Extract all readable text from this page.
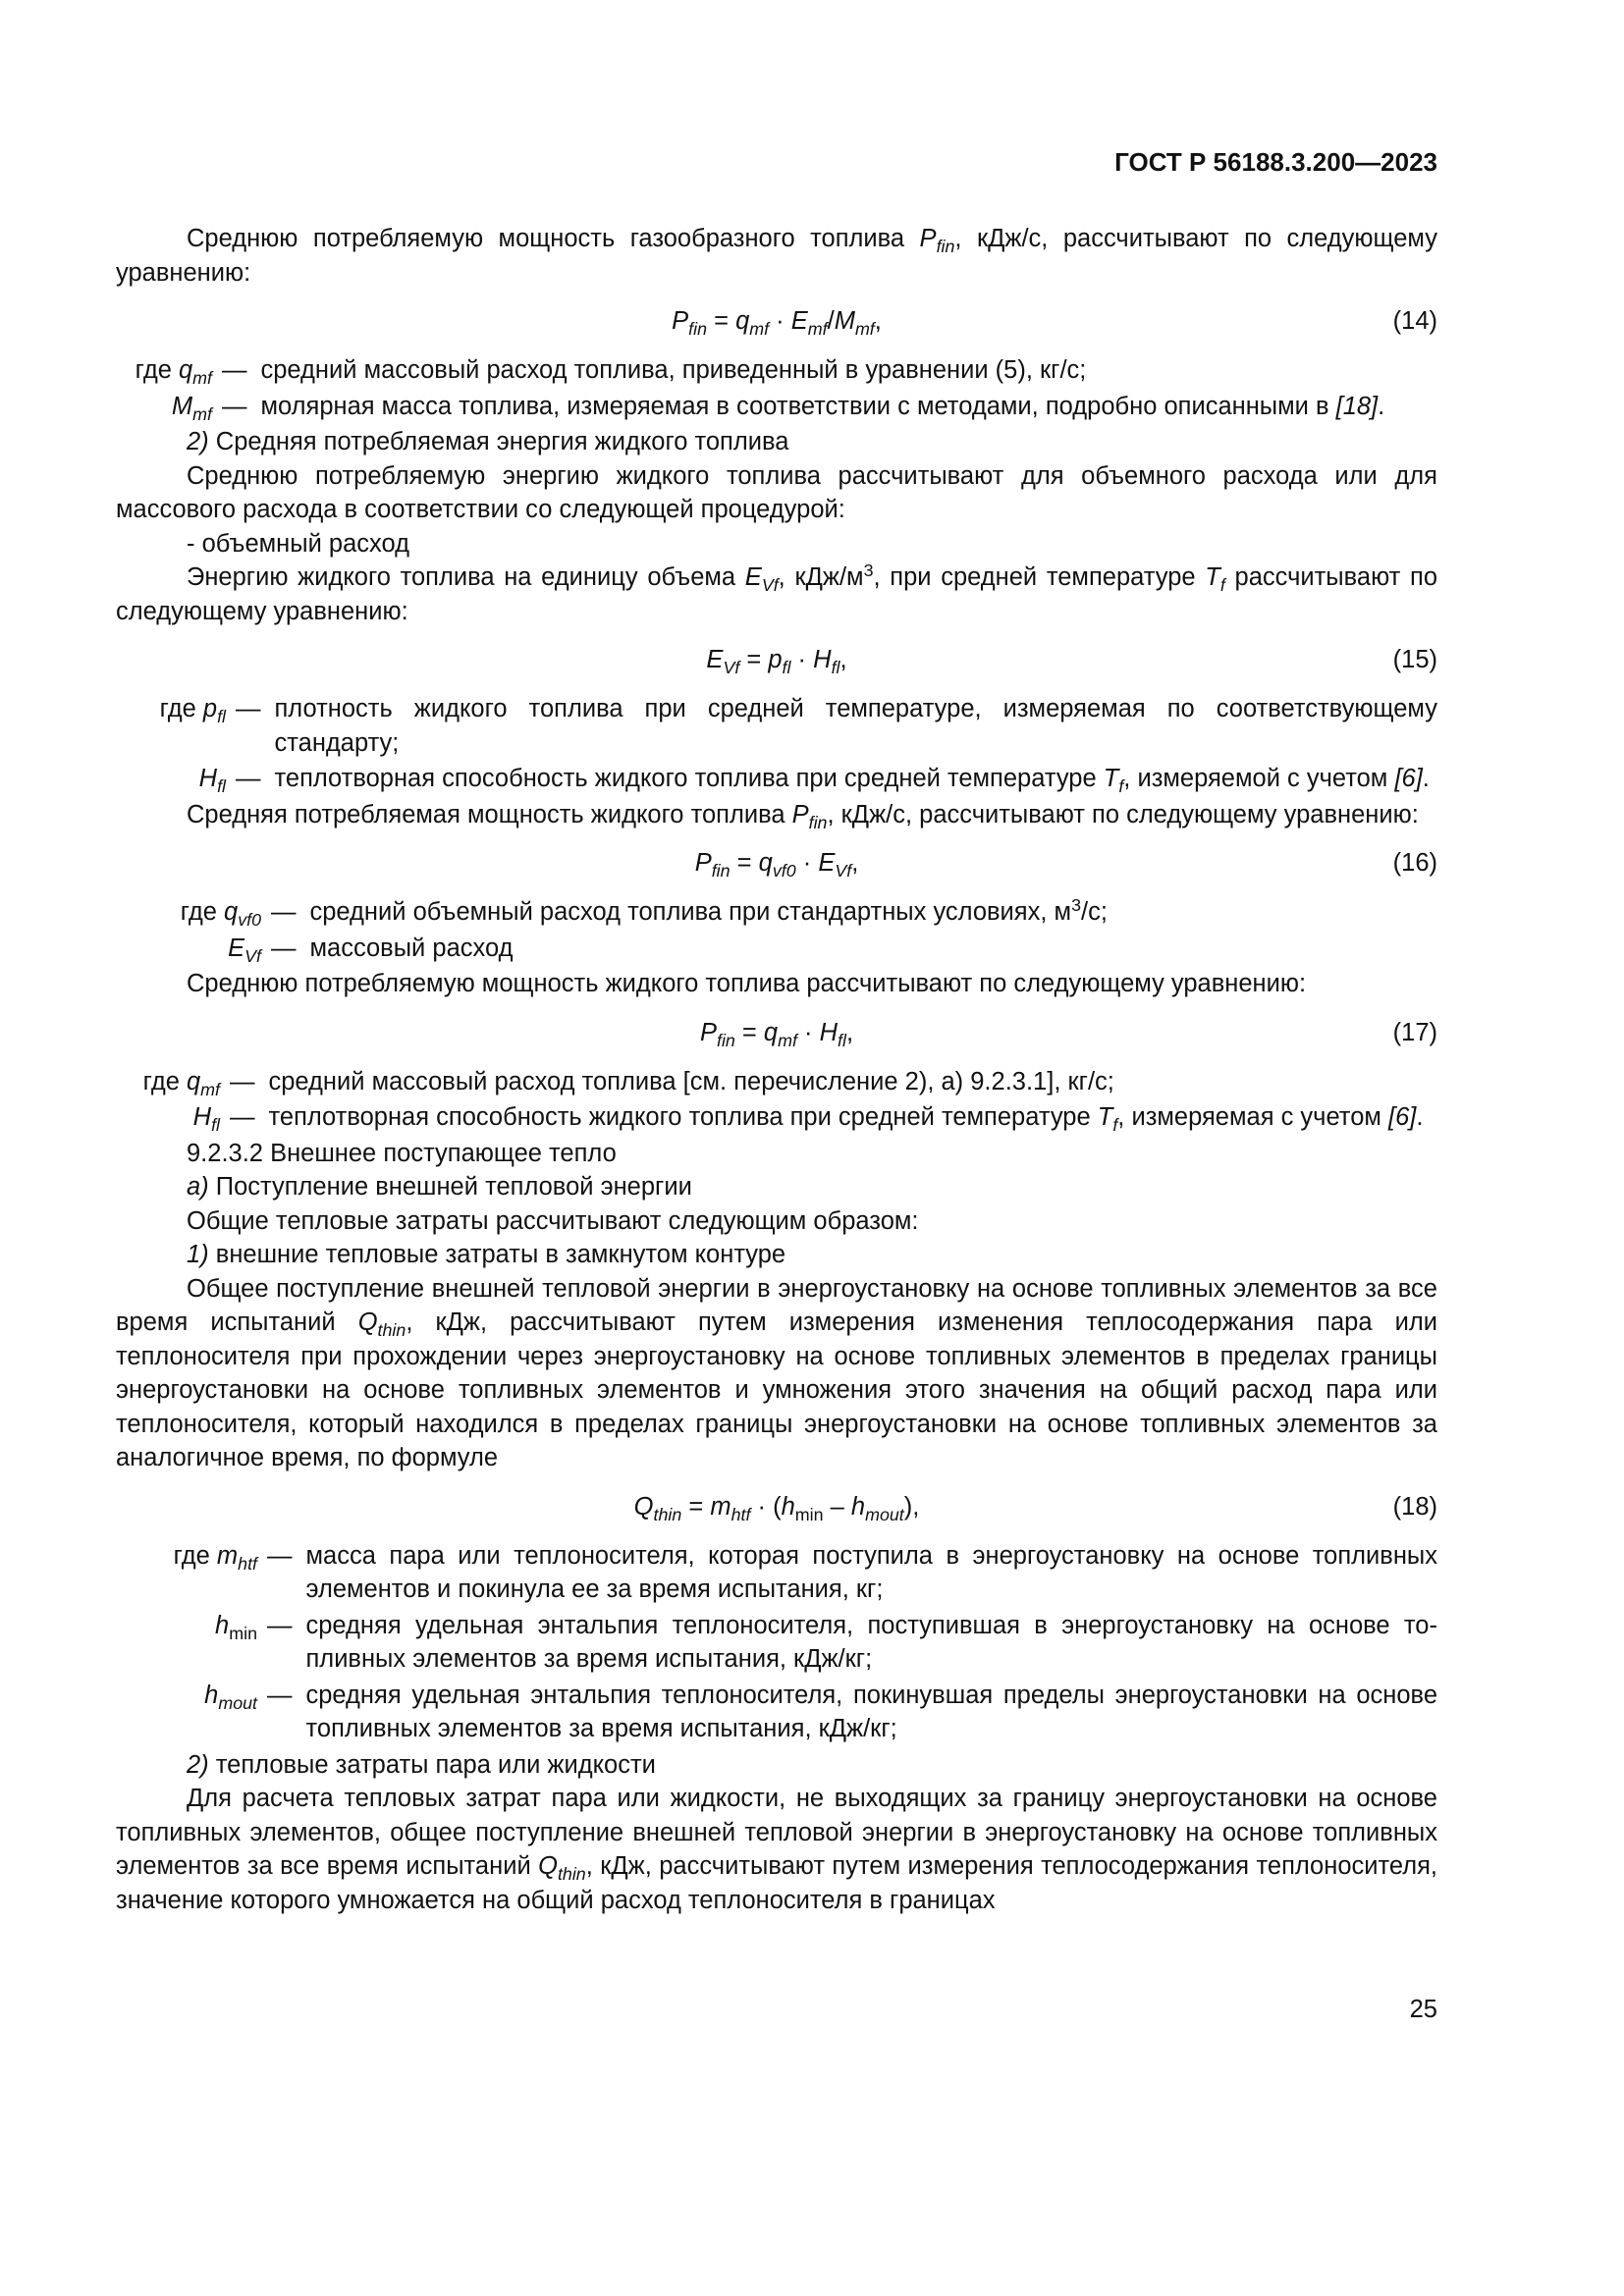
ГОСТ Р 56188.3.200—2023

Среднюю потребляемую мощность газообразного топлива $P_{fin}$, кДж/с, рассчитывают по следующему уравнению:

$P_{fin} = q_{mf} \cdot E_{mf}/M_{mf}$,	(14)
где $q_{mf}$ — средний массовый расход топлива, приведенный в уравнении (5), кг/с;
$M_{mf}$ — молярная масса топлива, измеряемая в соответствии с методами, подробно описанными в [18].

2) Средняя потребляемая энергия жидкого топлива

Среднюю потребляемую энергию жидкого топлива рассчитывают для объемного расхода или для массового расхода в соответствии со следующей процедурой:

- объемный расход

Энергию жидкого топлива на единицу объема $E_{Vf}$, кДж/$м^3$, при средней температуре $T_f$ рассчитывают по следующему уравнению:

$E_{Vf} = p_{fl} \cdot H_{fl}$,	(15)
где $p_{fl}$ — плотность жидкого топлива при средней температуре, измеряемая по соответствующему стандарту;
$H_{fl}$ — теплотворная способность жидкого топлива при средней температуре $T_f$, измеряемой с учетом [6].

Средняя потребляемая мощность жидкого топлива $P_{fin}$, кДж/с, рассчитывают по следующему уравнению:

$P_{fin} = q_{vf0} \cdot E_{Vf}$,	(16)
где $q_{vf0}$ — средний объемный расход топлива при стандартных условиях, $м^3/с$;
$E_{Vf}$ — массовый расход

Среднюю потребляемую мощность жидкого топлива рассчитывают по следующему уравнению:

$P_{fin} = q_{mf} \cdot H_{fl}$,	(17)
где $q_{mf}$ — средний массовый расход топлива [см. перечисление 2), а) 9.2.3.1], кг/с;
$H_{fl}$ — теплотворная способность жидкого топлива при средней температуре $T_f$, измеряемая с учетом [6].

9.2.3.2 Внешнее поступающее тепло

а) Поступление внешней тепловой энергии

Общие тепловые затраты рассчитывают следующим образом:

1) внешние тепловые затраты в замкнутом контуре

Общее поступление внешней тепловой энергии в энергоустановку на основе топливных элементов за все время испытаний $Q_{thin}$, кДж, рассчитывают путем измерения изменения теплосодержания пара или теплоносителя при прохождении через энергоустановку на основе топливных элементов в пределах границы энергоустановки на основе топливных элементов и умножения этого значения на общий расход пара или теплоносителя, который находился в пределах границы энергоустановки на основе топливных элементов за аналогичное время, по формуле

$Q_{thin} = m_{htf} \cdot (h_{min} - h_{mout})$,	(18)
где $m_{htf}$ — масса пара или теплоносителя, которая поступила в энергоустановку на основе топливных элементов и покинула ее за время испытания, кг;
$h_{min}$ — средняя удельная энтальпия теплоносителя, поступившая в энергоустановку на основе топливных элементов за время испытания, кДж/кг;
$h_{mout}$ — средняя удельная энтальпия теплоносителя, покинувшая пределы энергоустановки на основе топливных элементов за время испытания, кДж/кг;

2) тепловые затраты пара или жидкости

Для расчета тепловых затрат пара или жидкости, не выходящих за границу энергоустановки на основе топливных элементов, общее поступление внешней тепловой энергии в энергоустановку на основе топливных элементов за все время испытаний $Q_{thin}$, кДж, рассчитывают путем измерения теплосодержания теплоносителя, значение которого умножается на общий расход теплоносителя в границах

25
